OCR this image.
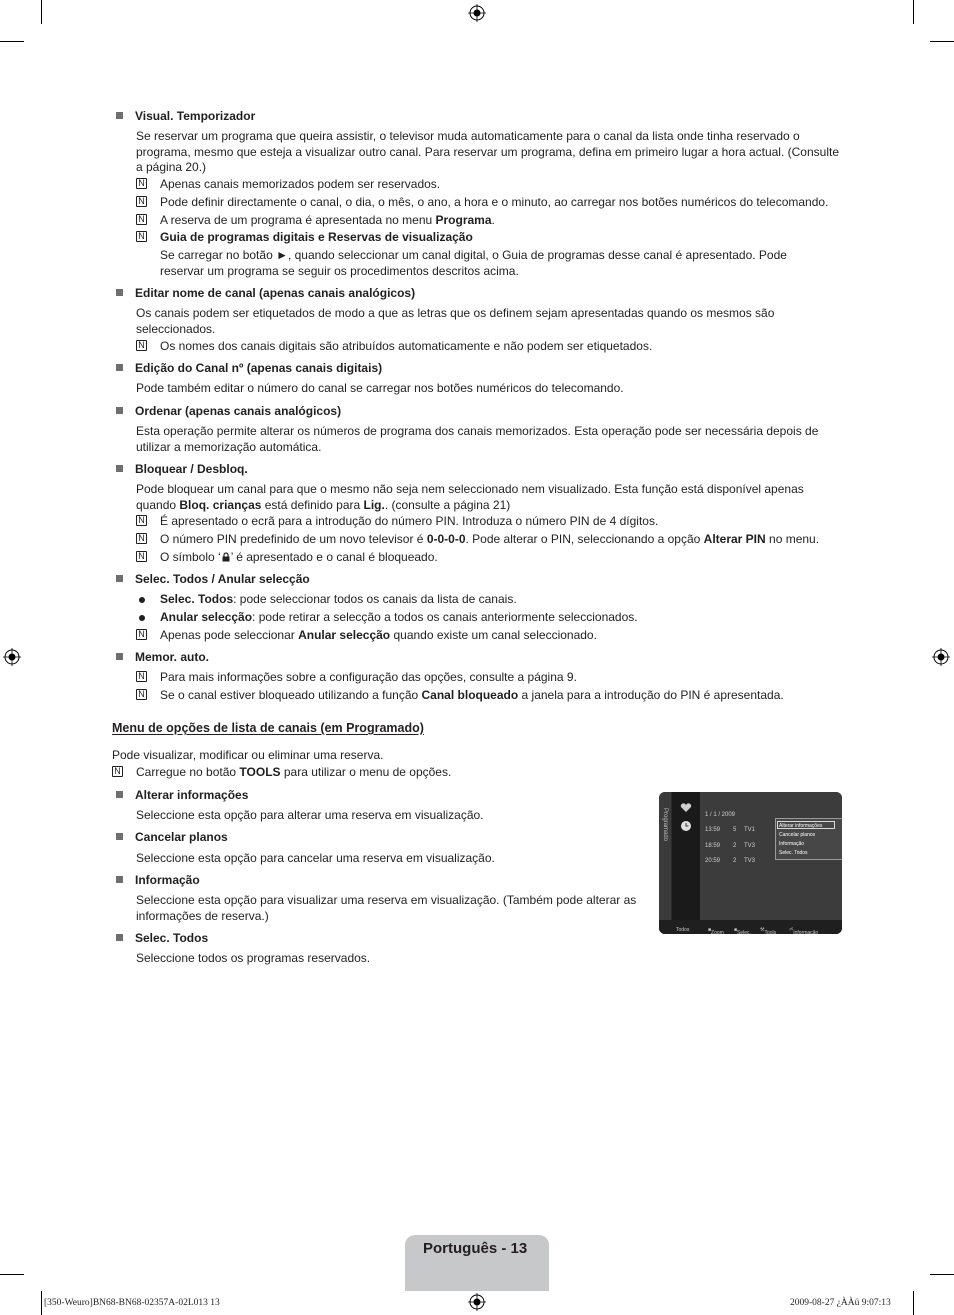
Visual. Temporizador
Se reservar um programa que queira assistir, o televisor muda automaticamente para o canal da lista onde tinha reservado o programa, mesmo que esteja a visualizar outro canal. Para reservar um programa, defina em primeiro lugar a hora actual. (Consulte a página 20.)
N Apenas canais memorizados podem ser reservados.
N Pode definir directamente o canal, o dia, o mês, o ano, a hora e o minuto, ao carregar nos botões numéricos do telecomando.
N A reserva de um programa é apresentada no menu Programa.
N Guia de programas digitais e Reservas de visualização
Se carregar no botão ►, quando seleccionar um canal digital, o Guia de programas desse canal é apresentado. Pode reservar um programa se seguir os procedimentos descritos acima.
Editar nome de canal (apenas canais analógicos)
Os canais podem ser etiquetados de modo a que as letras que os definem sejam apresentadas quando os mesmos são seleccionados.
N Os nomes dos canais digitais são atribuídos automaticamente e não podem ser etiquetados.
Edição do Canal nº (apenas canais digitais)
Pode também editar o número do canal se carregar nos botões numéricos do telecomando.
Ordenar (apenas canais analógicos)
Esta operação permite alterar os números de programa dos canais memorizados. Esta operação pode ser necessária depois de utilizar a memorização automática.
Bloquear / Desbloq.
Pode bloquear um canal para que o mesmo não seja nem seleccionado nem visualizado. Esta função está disponível apenas quando Bloq. crianças está definido para Lig.. (consulte a página 21)
N É apresentado o ecrã para a introdução do número PIN. Introduza o número PIN de 4 dígitos.
N O número PIN predefinido de um novo televisor é 0-0-0-0. Pode alterar o PIN, seleccionando a opção Alterar PIN no menu.
N O símbolo ‘ ’ é apresentado e o canal é bloqueado.
Selec. Todos / Anular selecção
Selec. Todos: pode seleccionar todos os canais da lista de canais.
Anular selecção: pode retirar a selecção a todos os canais anteriormente seleccionados.
N Apenas pode seleccionar Anular selecção quando existe um canal seleccionado.
Memor. auto.
N Para mais informações sobre a configuração das opções, consulte a página 9.
N Se o canal estiver bloqueado utilizando a função Canal bloqueado a janela para a introdução do PIN é apresentada.
Menu de opções de lista de canais (em Programado)
Pode visualizar, modificar ou eliminar uma reserva.
N Carregue no botão TOOLS para utilizar o menu de opções.
Alterar informações
Seleccione esta opção para alterar uma reserva em visualização.
Cancelar planos
Seleccione esta opção para cancelar uma reserva em visualização.
Informação
Seleccione esta opção para visualizar uma reserva em visualização. (Também pode alterar as informações de reserva.)
Selec. Todos
Seleccione todos os programas reservados.
Programado	1 / 1 / 2009
13:59 5 TV1
18:59 2 TV3
20:59 2 TV3
Alterar informações
Cancelar planos
Informação
Selec. Todos
Todos	■ Zoom ■ Selec. ⚒ Tools	⏎ Informação
Português - 13
[350-Weuro]BN68-BN68-02357A-02L013 13	2009-08-27 ¿ÀÀü 9:07:13
